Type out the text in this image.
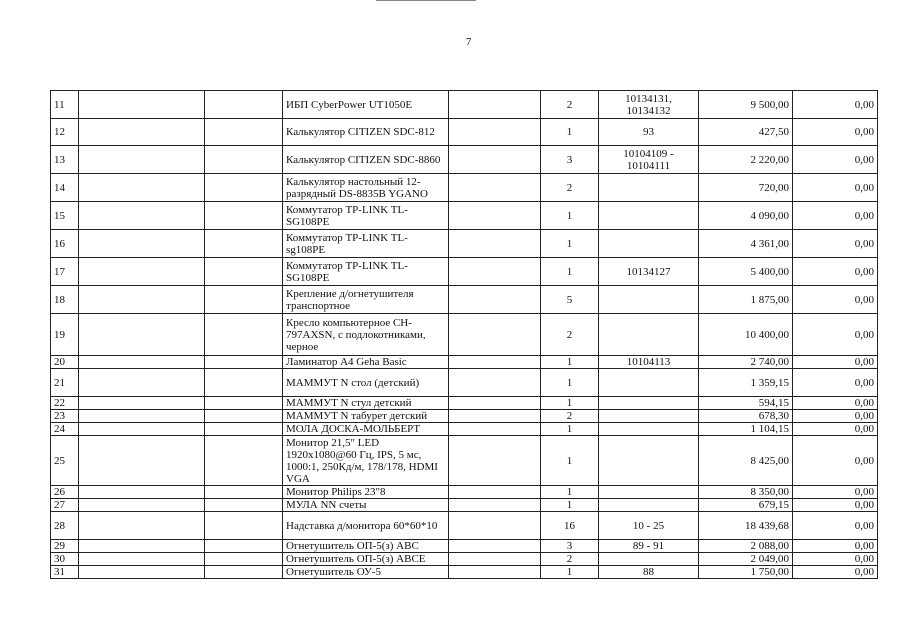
7
11			ИБП CyberPower UT1050E		2	10134131, 10134132	9 500,00	0,00
12			Калькулятор CITIZEN SDC-812		1	93	427,50	0,00
13			Калькулятор CITIZEN SDC-8860		3	10104109 - 10104111	2 220,00	0,00
14			Калькулятор настольный 12-разрядный DS-8835B YGANO		2		720,00	0,00
15			Коммутатор TP-LINK TL-SG108PE		1		4 090,00	0,00
16			Коммутатор TP-LINK TL-sg108PE		1		4 361,00	0,00
17			Коммутатор TP-LINK TL-SG108PE		1	10134127	5 400,00	0,00
18			Крепление д/огнетушителя транспортное		5		1 875,00	0,00
19			Кресло компьютерное CH-797AXSN, с подлокотниками, черное		2		10 400,00	0,00
20			Ламинатор А4 Geha Basic		1	10104113	2 740,00	0,00
21			МАММУТ N стол (детский)		1		1 359,15	0,00
22			МАММУТ N стул детский		1		594,15	0,00
23			МАММУТ N табурет детский		2		678,30	0,00
24			МОЛА ДОСКА-МОЛЬБЕРТ		1		1 104,15	0,00
25			Монитор 21,5" LED 1920x1080@60 Гц, IPS, 5 мс, 1000:1, 250Кд/м, 178/178, HDMI VGA		1		8 425,00	0,00
26			Монитор Philips 23"8		1		8 350,00	0,00
27			МУЛА NN счеты		1		679,15	0,00
28			Надставка д/монитора 60*60*10		16	10 - 25	18 439,68	0,00
29			Огнетушитель ОП-5(з) АВС		3	89 - 91	2 088,00	0,00
30			Огнетушитель ОП-5(з) АВСЕ		2		2 049,00	0,00
31			Огнетушитель ОУ-5		1	88	1 750,00	0,00
